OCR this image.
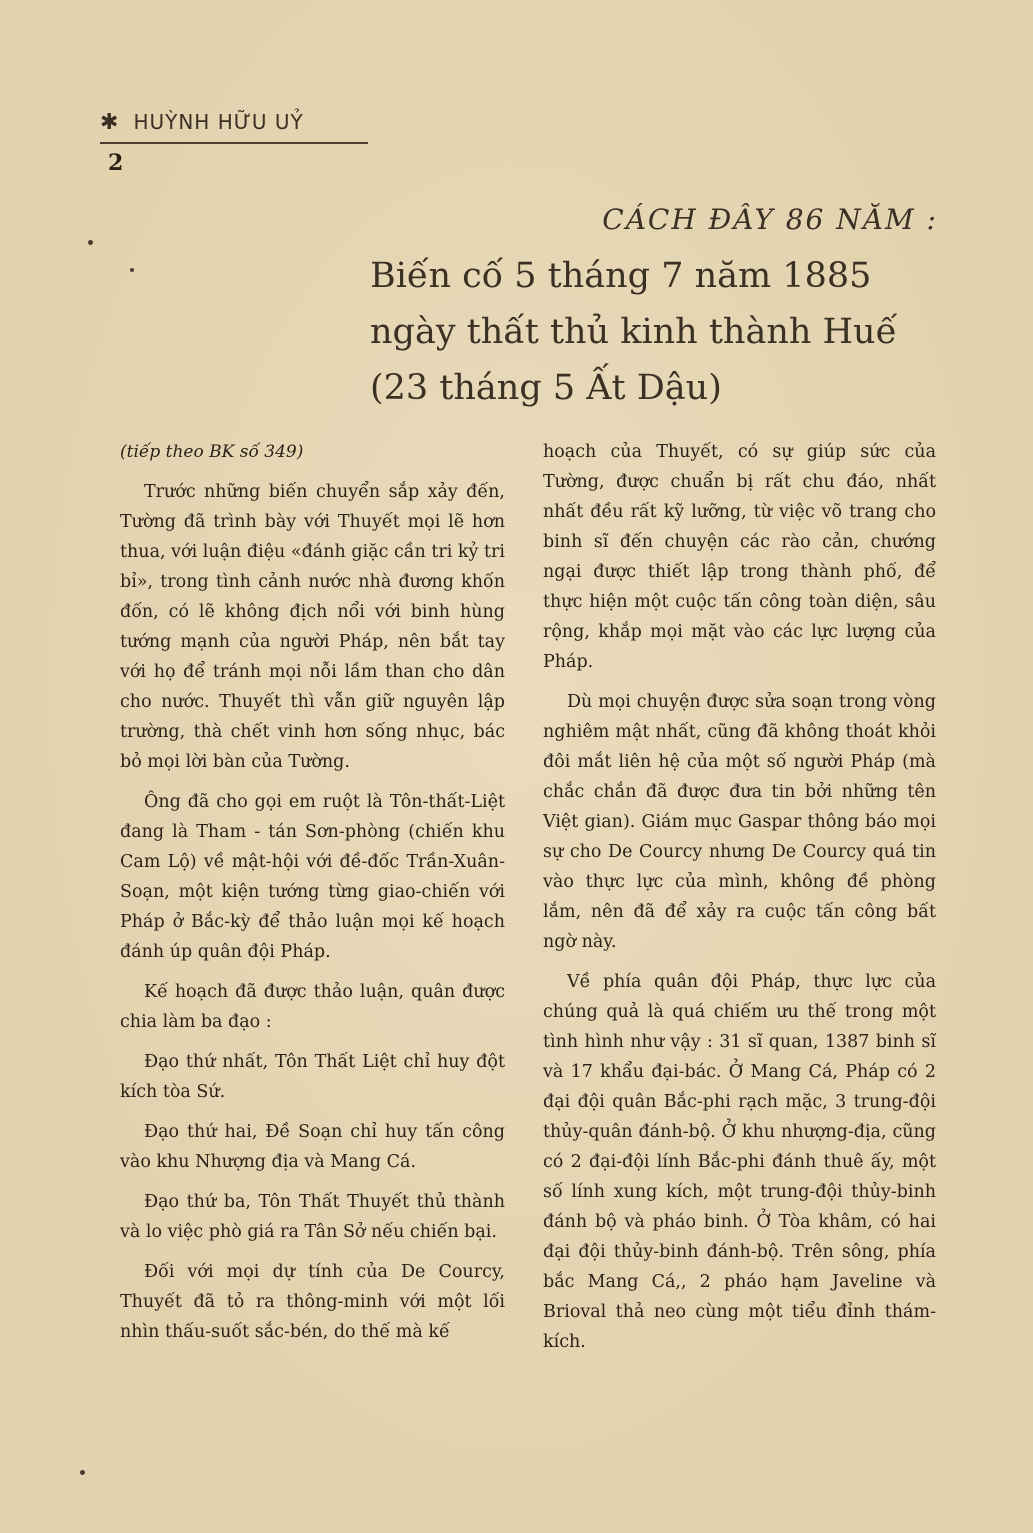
✱ HUỲNH HỮU UỶ
2
CÁCH ĐÂY 86 NĂM :
Biến cố 5 tháng 7 năm 1885
ngày thất thủ kinh thành Huế
(23 tháng 5 Ất Dậu)

(tiếp theo BK số 349)

Trước những biến chuyển sắp xảy đến, Tường đã trình bày với Thuyết mọi lẽ hơn thua, với luận điệu «đánh giặc cần tri kỷ tri bỉ», trong tình cảnh nước nhà đương khốn đốn, có lẽ không địch nổi với binh hùng tướng mạnh của người Pháp, nên bắt tay với họ để tránh mọi nỗi lầm than cho dân cho nước. Thuyết thì vẫn giữ nguyên lập trường, thà chết vinh hơn sống nhục, bác bỏ mọi lời bàn của Tường.

Ông đã cho gọi em ruột là Tôn-thất-Liệt đang là Tham - tán Sơn-phòng (chiến khu Cam Lộ) về mật-hội với đề-đốc Trần-Xuân-Soạn, một kiện tướng từng giao-chiến với Pháp ở Bắc-kỳ để thảo luận mọi kế hoạch đánh úp quân đội Pháp.

Kế hoạch đã được thảo luận, quân được chia làm ba đạo :

Đạo thứ nhất, Tôn Thất Liệt chỉ huy đột kích tòa Sứ.

Đạo thứ hai, Đề Soạn chỉ huy tấn công vào khu Nhượng địa và Mang Cá.

Đạo thứ ba, Tôn Thất Thuyết thủ thành và lo việc phò giá ra Tân Sở nếu chiến bại.

Đối với mọi dự tính của De Courcy, Thuyết đã tỏ ra thông-minh với một lối nhìn thấu-suốt sắc-bén, do thế mà kế

hoạch của Thuyết, có sự giúp sức của Tường, được chuẩn bị rất chu đáo, nhất nhất đều rất kỹ lưỡng, từ việc võ trang cho binh sĩ đến chuyện các rào cản, chướng ngại được thiết lập trong thành phố, để thực hiện một cuộc tấn công toàn diện, sâu rộng, khắp mọi mặt vào các lực lượng của Pháp.

Dù mọi chuyện được sửa soạn trong vòng nghiêm mật nhất, cũng đã không thoát khỏi đôi mắt liên hệ của một số người Pháp (mà chắc chắn đã được đưa tin bởi những tên Việt gian). Giám mục Gaspar thông báo mọi sự cho De Courcy nhưng De Courcy quá tin vào thực lực của mình, không đề phòng lắm, nên đã để xảy ra cuộc tấn công bất ngờ này.

Về phía quân đội Pháp, thực lực của chúng quả là quá chiếm ưu thế trong một tình hình như vậy : 31 sĩ quan, 1387 binh sĩ và 17 khẩu đại-bác. Ở Mang Cá, Pháp có 2 đại đội quân Bắc-phi rạch mặc, 3 trung-đội thủy-quân đánh-bộ. Ở khu nhượng-địa, cũng có 2 đại-đội lính Bắc-phi đánh thuê ấy, một số lính xung kích, một trung-đội thủy-binh đánh bộ và pháo binh. Ở Tòa khâm, có hai đại đội thủy-binh đánh-bộ. Trên sông, phía bắc Mang Cá,, 2 pháo hạm Javeline và Brioval thả neo cùng một tiểu đỉnh thám-kích.
